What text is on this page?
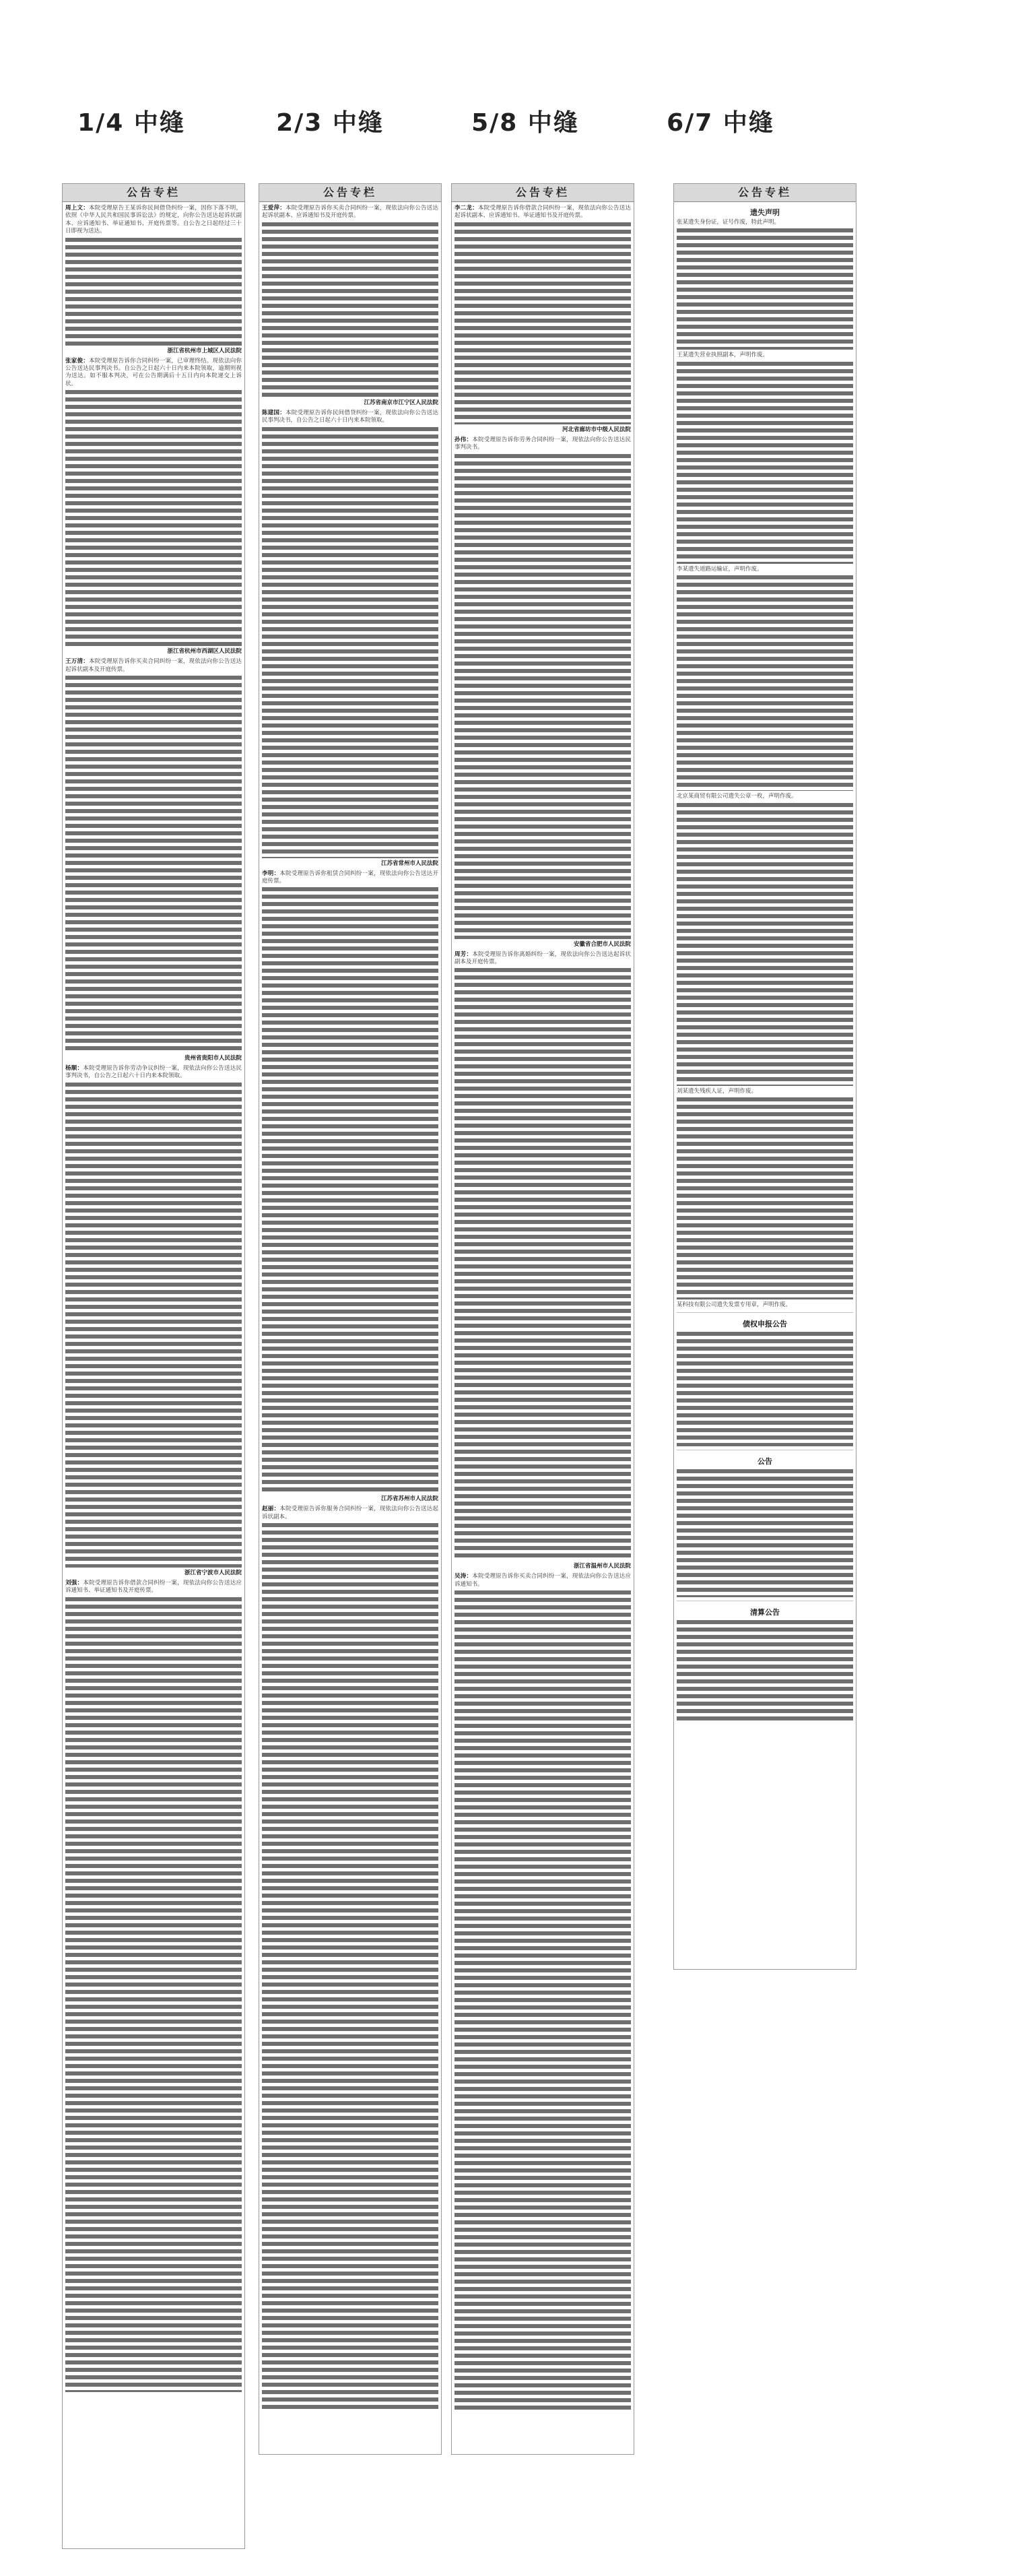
1/4 中缝	2/3 中缝	5/8 中缝	6/7 中缝
公告专栏

周上文：本院受理原告王某诉你民间借贷纠纷一案，因你下落不明，依照《中华人民共和国民事诉讼法》的规定，向你公告送达起诉状副本、应诉通知书、举证通知书、开庭传票等。自公告之日起经过三十日即视为送达。

浙江省杭州市上城区人民法院

张家俊：本院受理原告诉你合同纠纷一案，已审理终结。现依法向你公告送达民事判决书。自公告之日起六十日内来本院领取，逾期则视为送达。如不服本判决，可在公告期满后十五日内向本院递交上诉状。

浙江省杭州市西湖区人民法院

王万清：本院受理原告诉你买卖合同纠纷一案，现依法向你公告送达起诉状副本及开庭传票。

贵州省贵阳市人民法院

杨顺：本院受理原告诉你劳动争议纠纷一案，现依法向你公告送达民事判决书，自公告之日起六十日内来本院领取。

浙江省宁波市人民法院

刘强：本院受理原告诉你借款合同纠纷一案，现依法向你公告送达应诉通知书、举证通知书及开庭传票。

公告专栏

王爱萍：本院受理原告诉你买卖合同纠纷一案，现依法向你公告送达起诉状副本、应诉通知书及开庭传票。

江苏省南京市江宁区人民法院

陈建国：本院受理原告诉你民间借贷纠纷一案，现依法向你公告送达民事判决书，自公告之日起六十日内来本院领取。

江苏省常州市人民法院

李明：本院受理原告诉你租赁合同纠纷一案，现依法向你公告送达开庭传票。

江苏省苏州市人民法院

赵丽：本院受理原告诉你服务合同纠纷一案，现依法向你公告送达起诉状副本。

公告专栏

李二龙：本院受理原告诉你借款合同纠纷一案，现依法向你公告送达起诉状副本、应诉通知书、举证通知书及开庭传票。

河北省廊坊市中级人民法院

孙伟：本院受理原告诉你劳务合同纠纷一案，现依法向你公告送达民事判决书。

安徽省合肥市人民法院

周芳：本院受理原告诉你离婚纠纷一案，现依法向你公告送达起诉状副本及开庭传票。

浙江省温州市人民法院

吴涛：本院受理原告诉你买卖合同纠纷一案，现依法向你公告送达应诉通知书。

公告专栏
遗失声明

张某遗失身份证，证号作废，特此声明。

王某遗失营业执照副本，声明作废。

李某遗失道路运输证，声明作废。

北京某商贸有限公司遗失公章一枚，声明作废。

刘某遗失残疾人证，声明作废。

某科技有限公司遗失发票专用章，声明作废。

债权申报公告
公告
清算公告
